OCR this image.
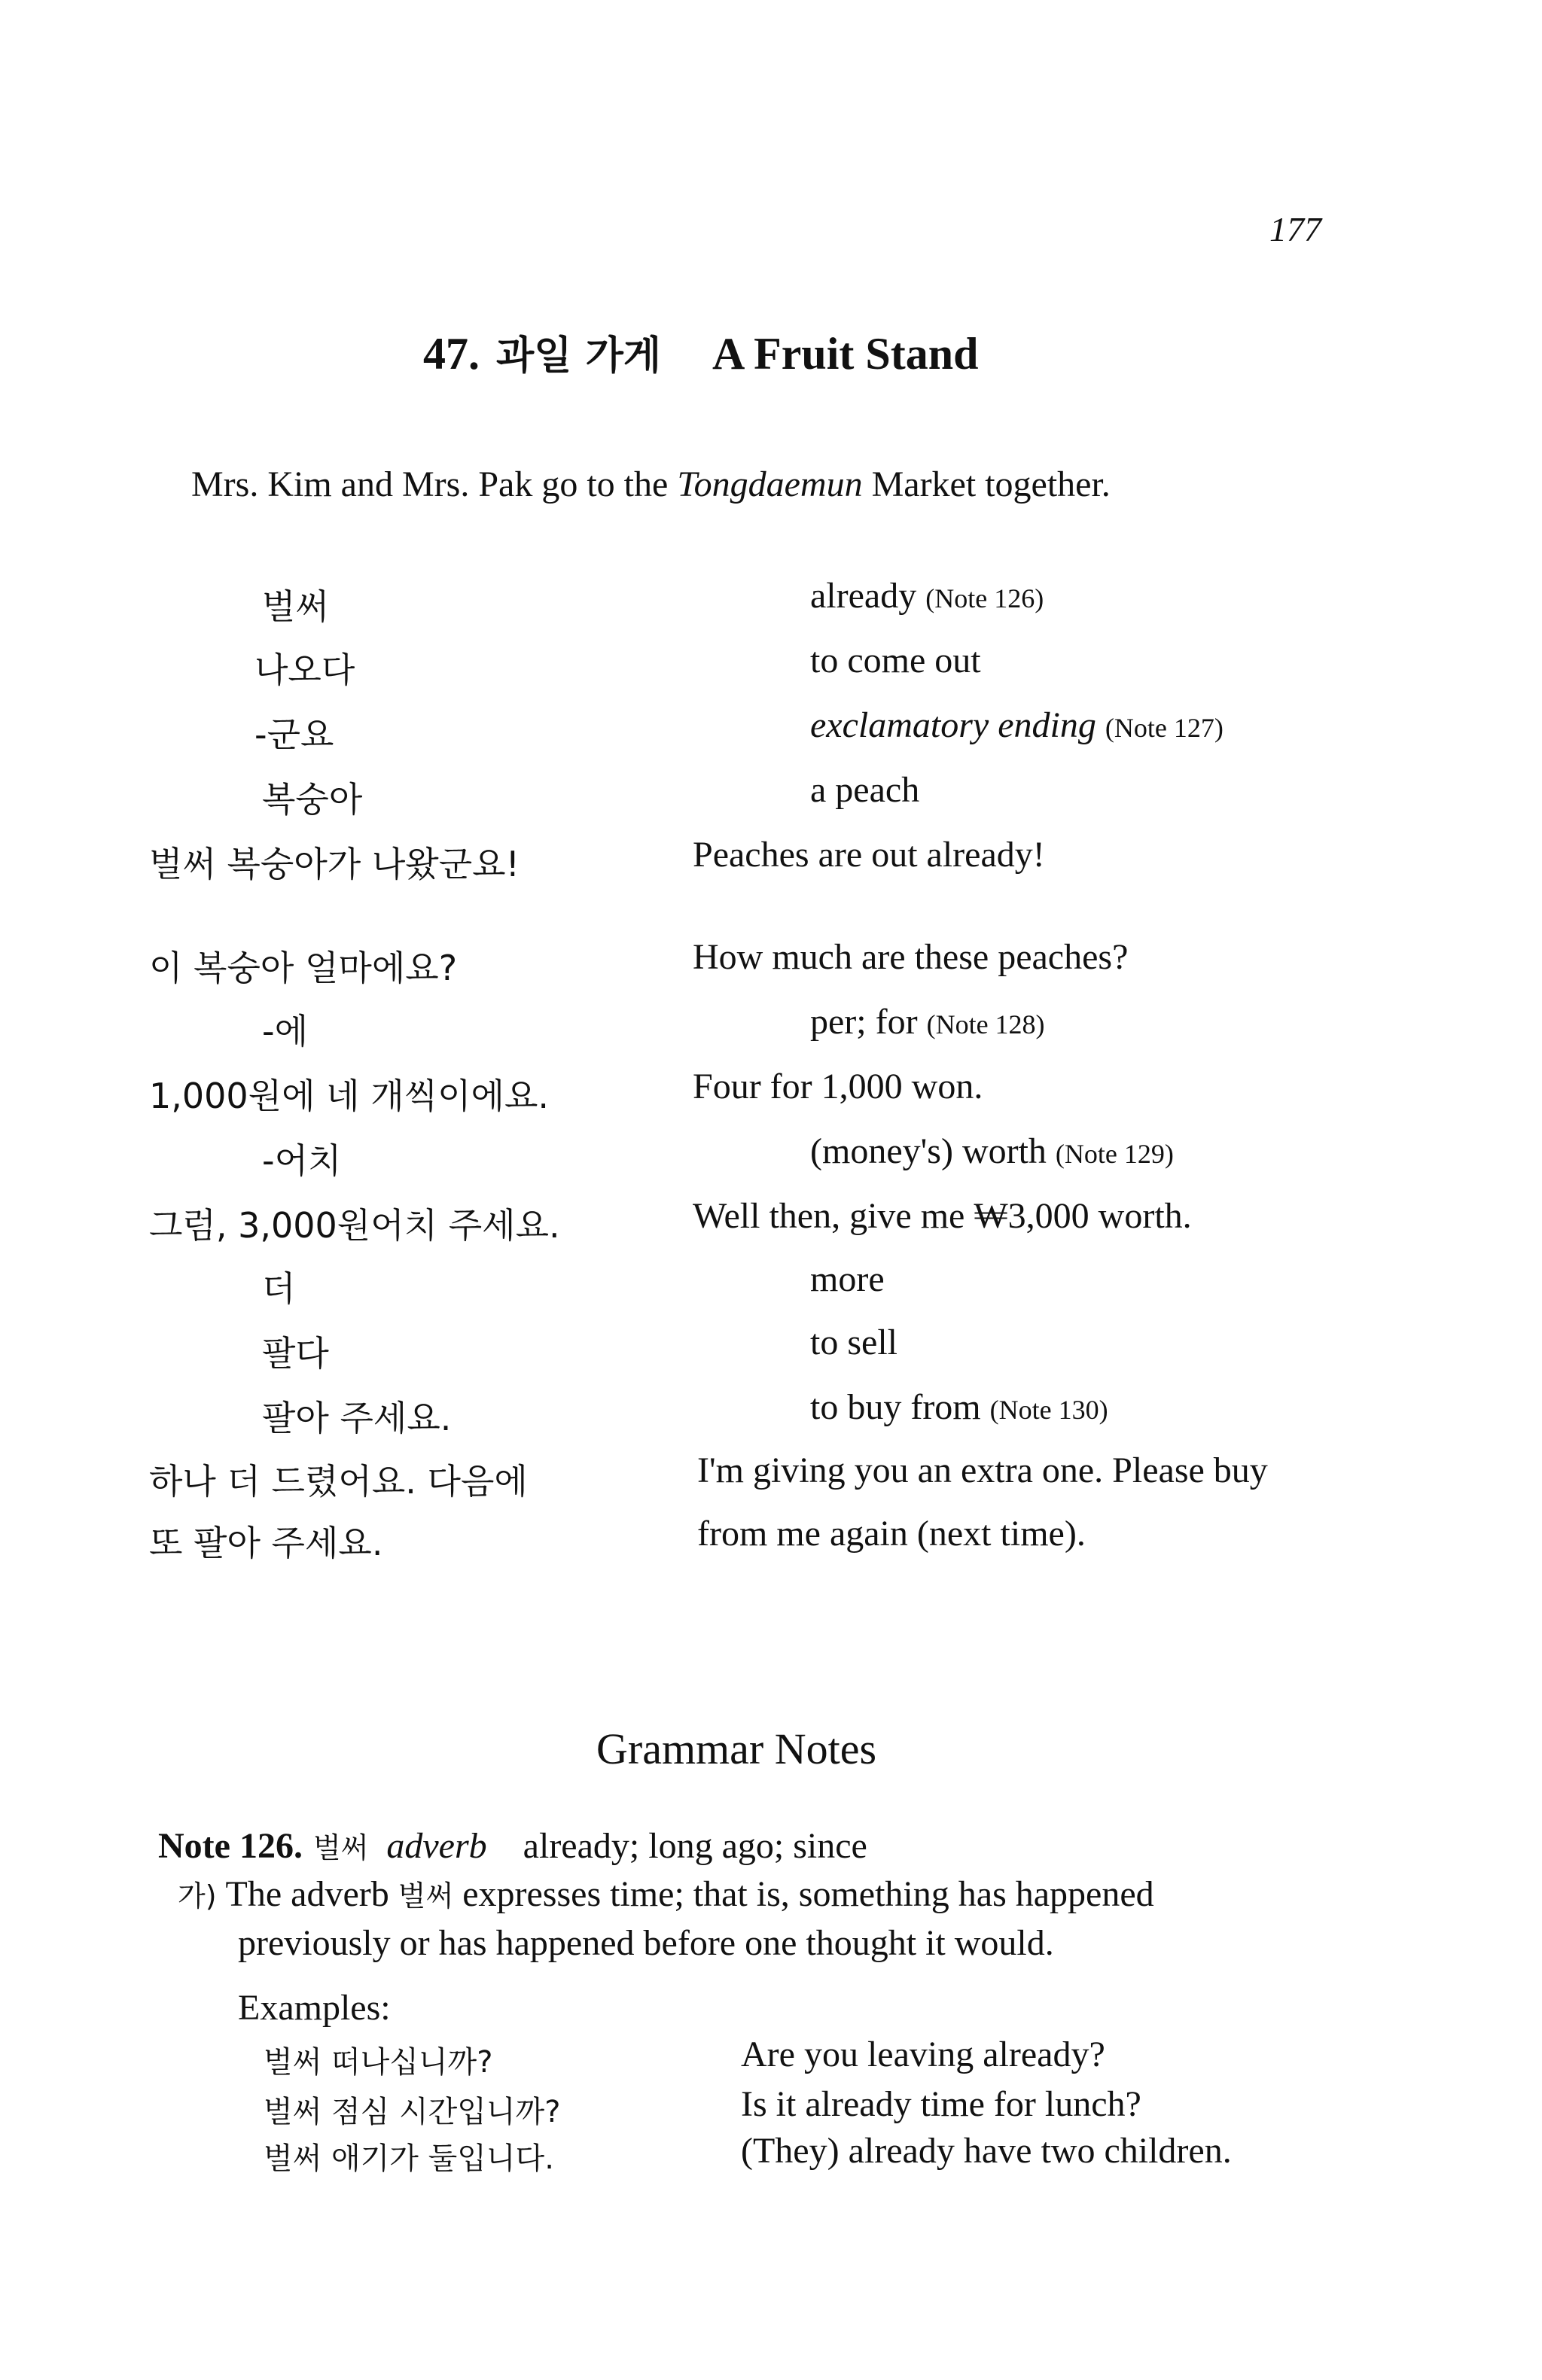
177
47. 과일 가게 A Fruit Stand
Mrs. Kim and Mrs. Pak go to the Tongdaemun Market together.
벌써	already (Note 126)
나오다	to come out
-군요	exclamatory ending (Note 127)
복숭아	a peach
벌써 복숭아가 나왔군요!	Peaches are out already!
이 복숭아 얼마에요?	How much are these peaches?
-에	per; for (Note 128)
1,000원에 네 개씩이에요.	Four for 1,000 won.
-어치	(money's) worth (Note 129)
그럼, 3,000원어치 주세요.	Well then, give me ₩3,000 worth.
더	more
팔다	to sell
팔아 주세요.	to buy from (Note 130)
하나 더 드렸어요. 다음에	I'm giving you an extra one. Please buy
또 팔아 주세요.	from me again (next time).
Grammar Notes
Note 126. 벌써 adverb already; long ago; since
가) The adverb 벌써 expresses time; that is, something has happened
previously or has happened before one thought it would.
Examples:
벌써 떠나십니까?	Are you leaving already?
벌써 점심 시간입니까?	Is it already time for lunch?
벌써 애기가 둘입니다.	(They) already have two children.
